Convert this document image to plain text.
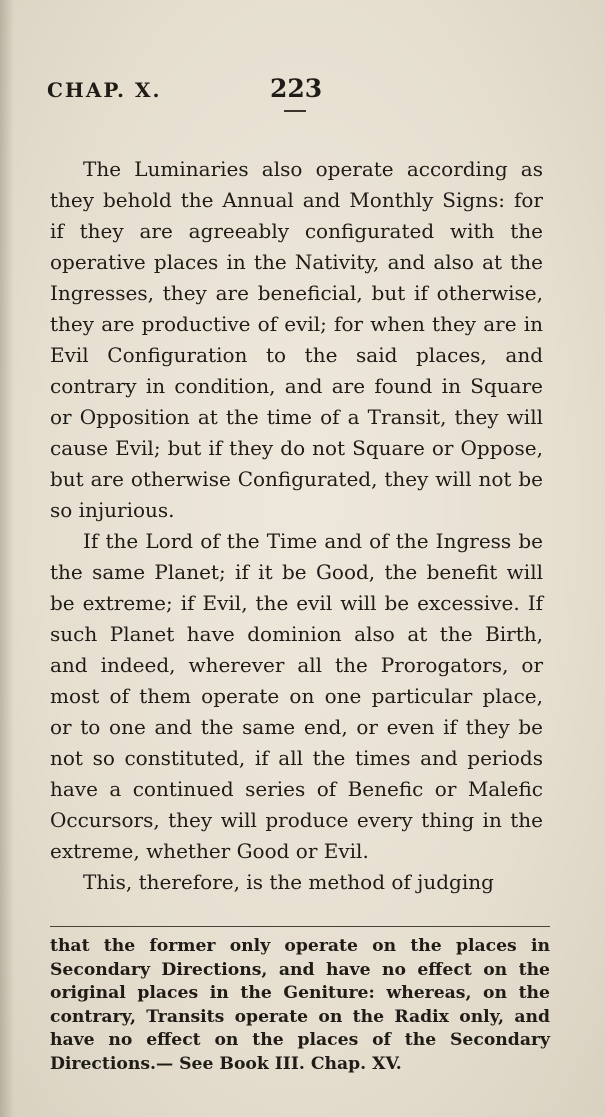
CHAP. X.	223

The Luminaries also operate according as they behold the Annual and Monthly Signs: for if they are agreeably configurated with the operative places in the Nativity, and also at the Ingresses, they are beneficial, but if otherwise, they are productive of evil; for when they are in Evil Configuration to the said places, and contrary in condition, and are found in Square or Opposition at the time of a Transit, they will cause Evil; but if they do not Square or Oppose, but are otherwise Configurated, they will not be so injurious.

If the Lord of the Time and of the Ingress be the same Planet; if it be Good, the benefit will be extreme; if Evil, the evil will be excessive. If such Planet have dominion also at the Birth, and indeed, wherever all the Prorogators, or most of them operate on one particular place, or to one and the same end, or even if they be not so constituted, if all the times and periods have a continued series of Benefic or Malefic Occursors, they will produce every thing in the extreme, whether Good or Evil.

This, therefore, is the method of judging

that the former only operate on the places in Secondary Directions, and have no effect on the original places in the Geniture: whereas, on the contrary, Transits operate on the Radix only, and have no effect on the places of the Secondary Directions.— See Book III. Chap. XV.
